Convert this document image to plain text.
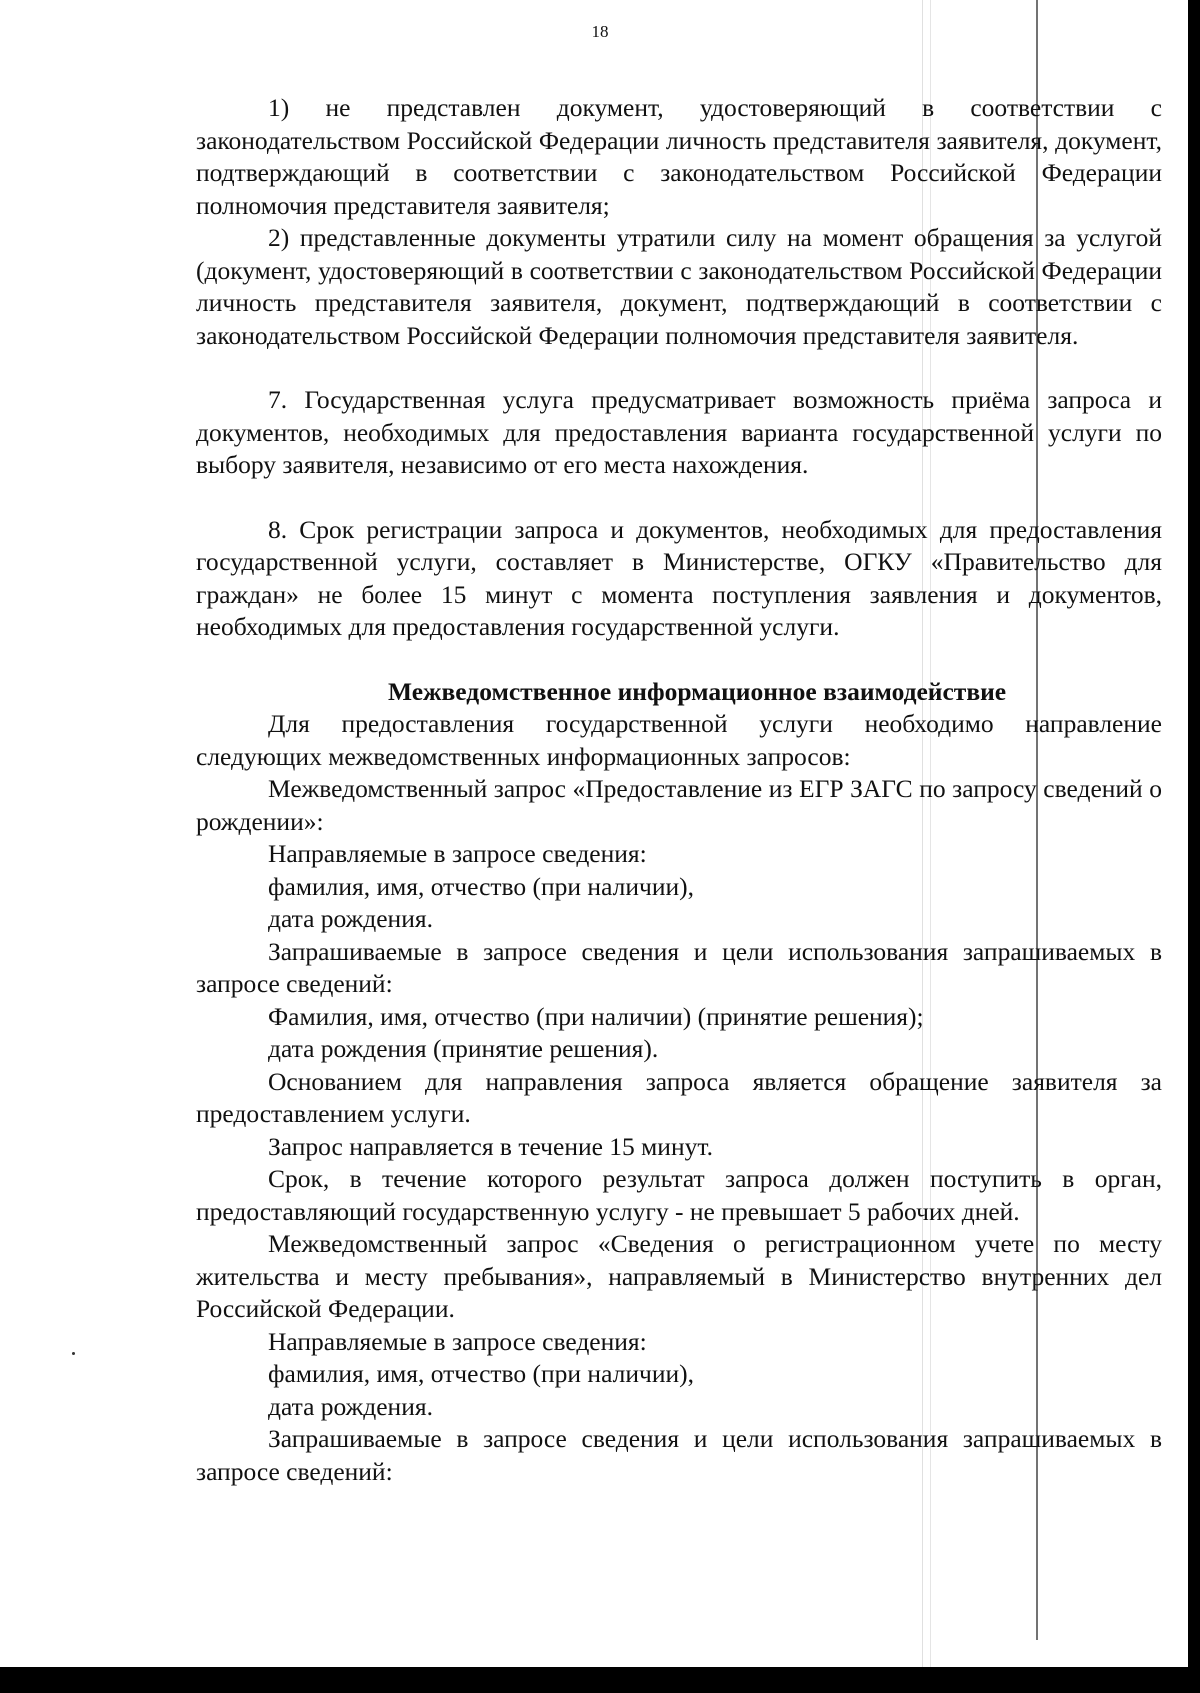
18

1) не представлен документ, удостоверяющий в соответствии с законодательством Российской Федерации личность представителя заявителя, документ, подтверждающий в соответствии с законодательством Российской Федерации полномочия представителя заявителя;

2) представленные документы утратили силу на момент обращения за услугой (документ, удостоверяющий в соответствии с законодательством Российской Федерации личность представителя заявителя, документ, подтверждающий в соответствии с законодательством Российской Федерации полномочия представителя заявителя.

7. Государственная услуга предусматривает возможность приёма запроса и документов, необходимых для предоставления варианта государственной услуги по выбору заявителя, независимо от его места нахождения.

8. Срок регистрации запроса и документов, необходимых для предоставления государственной услуги, составляет в Министерстве, ОГКУ «Правительство для граждан» не более 15 минут с момента поступления заявления и документов, необходимых для предоставления государственной услуги.

Межведомственное информационное взаимодействие

Для предоставления государственной услуги необходимо направление следующих межведомственных информационных запросов:

Межведомственный запрос «Предоставление из ЕГР ЗАГС по запросу сведений о рождении»:

Направляемые в запросе сведения:

фамилия, имя, отчество (при наличии),

дата рождения.

Запрашиваемые в запросе сведения и цели использования запрашиваемых в запросе сведений:

Фамилия, имя, отчество (при наличии) (принятие решения);

дата рождения (принятие решения).

Основанием для направления запроса является обращение заявителя за предоставлением услуги.

Запрос направляется в течение 15 минут.

Срок, в течение которого результат запроса должен поступить в орган, предоставляющий государственную услугу - не превышает 5 рабочих дней.

Межведомственный запрос «Сведения о регистрационном учете по месту жительства и месту пребывания», направляемый в Министерство внутренних дел Российской Федерации.

Направляемые в запросе сведения:

фамилия, имя, отчество (при наличии),

дата рождения.

Запрашиваемые в запросе сведения и цели использования запрашиваемых в запросе сведений:
